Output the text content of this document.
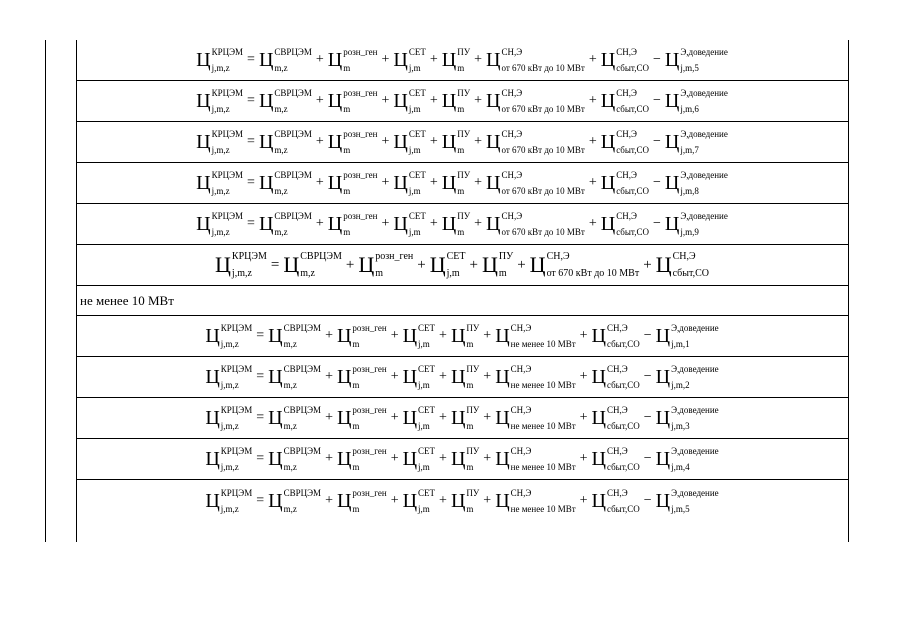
Ц КРЦЭМ
j,m,z
= Ц СВРЦЭМ
m,z
+ Ц розн_ген
m
+ Ц СЕТ
j,m
+ Ц ПУ
m
+ Ц СН,Э
от 670 кВт до 10 МВт
+ Ц СН,Э
сбыт,СО
− Ц Э,доведение
j,m,5
Ц КРЦЭМ
j,m,z
= Ц СВРЦЭМ
m,z
+ Ц розн_ген
m
+ Ц СЕТ
j,m
+ Ц ПУ
m
+ Ц СН,Э
от 670 кВт до 10 МВт
+ Ц СН,Э
сбыт,СО
− Ц Э,доведение
j,m,6
Ц КРЦЭМ
j,m,z
= Ц СВРЦЭМ
m,z
+ Ц розн_ген
m
+ Ц СЕТ
j,m
+ Ц ПУ
m
+ Ц СН,Э
от 670 кВт до 10 МВт
+ Ц СН,Э
сбыт,СО
− Ц Э,доведение
j,m,7
Ц КРЦЭМ
j,m,z
= Ц СВРЦЭМ
m,z
+ Ц розн_ген
m
+ Ц СЕТ
j,m
+ Ц ПУ
m
+ Ц СН,Э
от 670 кВт до 10 МВт
+ Ц СН,Э
сбыт,СО
− Ц Э,доведение
j,m,8
Ц КРЦЭМ
j,m,z
= Ц СВРЦЭМ
m,z
+ Ц розн_ген
m
+ Ц СЕТ
j,m
+ Ц ПУ
m
+ Ц СН,Э
от 670 кВт до 10 МВт
+ Ц СН,Э
сбыт,СО
− Ц Э,доведение
j,m,9
Ц КРЦЭМ
j,m,z
= Ц СВРЦЭМ
m,z
+ Ц розн_ген
m
+ Ц СЕТ
j,m
+ Ц ПУ
m
+ Ц СН,Э
от 670 кВт до 10 МВт
+ Ц СН,Э
сбыт,СО
не менее 10 МВт
Ц КРЦЭМ
j,m,z
= Ц СВРЦЭМ
m,z
+ Ц розн_ген
m
+ Ц СЕТ
j,m
+ Ц ПУ
m
+ Ц СН,Э
не менее 10 МВт
+ Ц СН,Э
сбыт,СО
− Ц Э,доведение
j,m,1
Ц КРЦЭМ
j,m,z
= Ц СВРЦЭМ
m,z
+ Ц розн_ген
m
+ Ц СЕТ
j,m
+ Ц ПУ
m
+ Ц СН,Э
не менее 10 МВт
+ Ц СН,Э
сбыт,СО
− Ц Э,доведение
j,m,2
Ц КРЦЭМ
j,m,z
= Ц СВРЦЭМ
m,z
+ Ц розн_ген
m
+ Ц СЕТ
j,m
+ Ц ПУ
m
+ Ц СН,Э
не менее 10 МВт
+ Ц СН,Э
сбыт,СО
− Ц Э,доведение
j,m,3
Ц КРЦЭМ
j,m,z
= Ц СВРЦЭМ
m,z
+ Ц розн_ген
m
+ Ц СЕТ
j,m
+ Ц ПУ
m
+ Ц СН,Э
не менее 10 МВт
+ Ц СН,Э
сбыт,СО
− Ц Э,доведение
j,m,4
Ц КРЦЭМ
j,m,z
= Ц СВРЦЭМ
m,z
+ Ц розн_ген
m
+ Ц СЕТ
j,m
+ Ц ПУ
m
+ Ц СН,Э
не менее 10 МВт
+ Ц СН,Э
сбыт,СО
− Ц Э,доведение
j,m,5
